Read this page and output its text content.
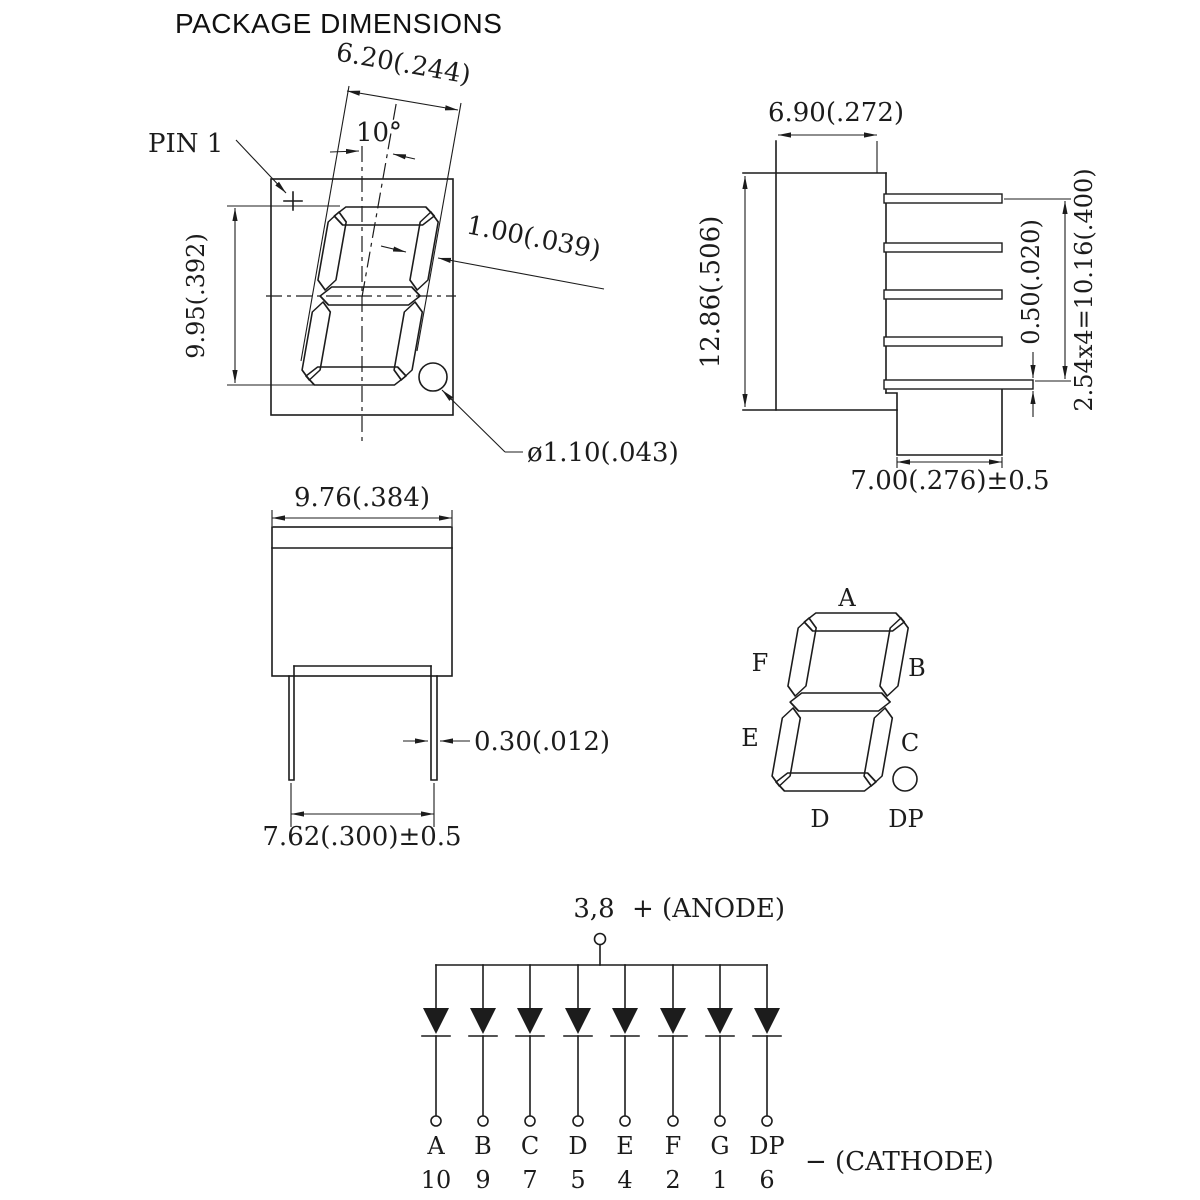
PACKAGE DIMENSIONS
PIN 1
6.20(.244)
10°
9.95(.392)	1.00(.039)
ø1.10(.043)
6.90(.272)
12.86(.506)	2.54x4=10.16(.400)
0.50(.020)
7.00(.276)±0.5
9.76(.384)
0.30(.012)
7.62(.300)±0.5
A
F	B
E	C
D DP
3,8 + (ANODE)
A
10
B
9
C
7
D
5
E
4
F
2
G
1
DP
6
− (CATHODE)
